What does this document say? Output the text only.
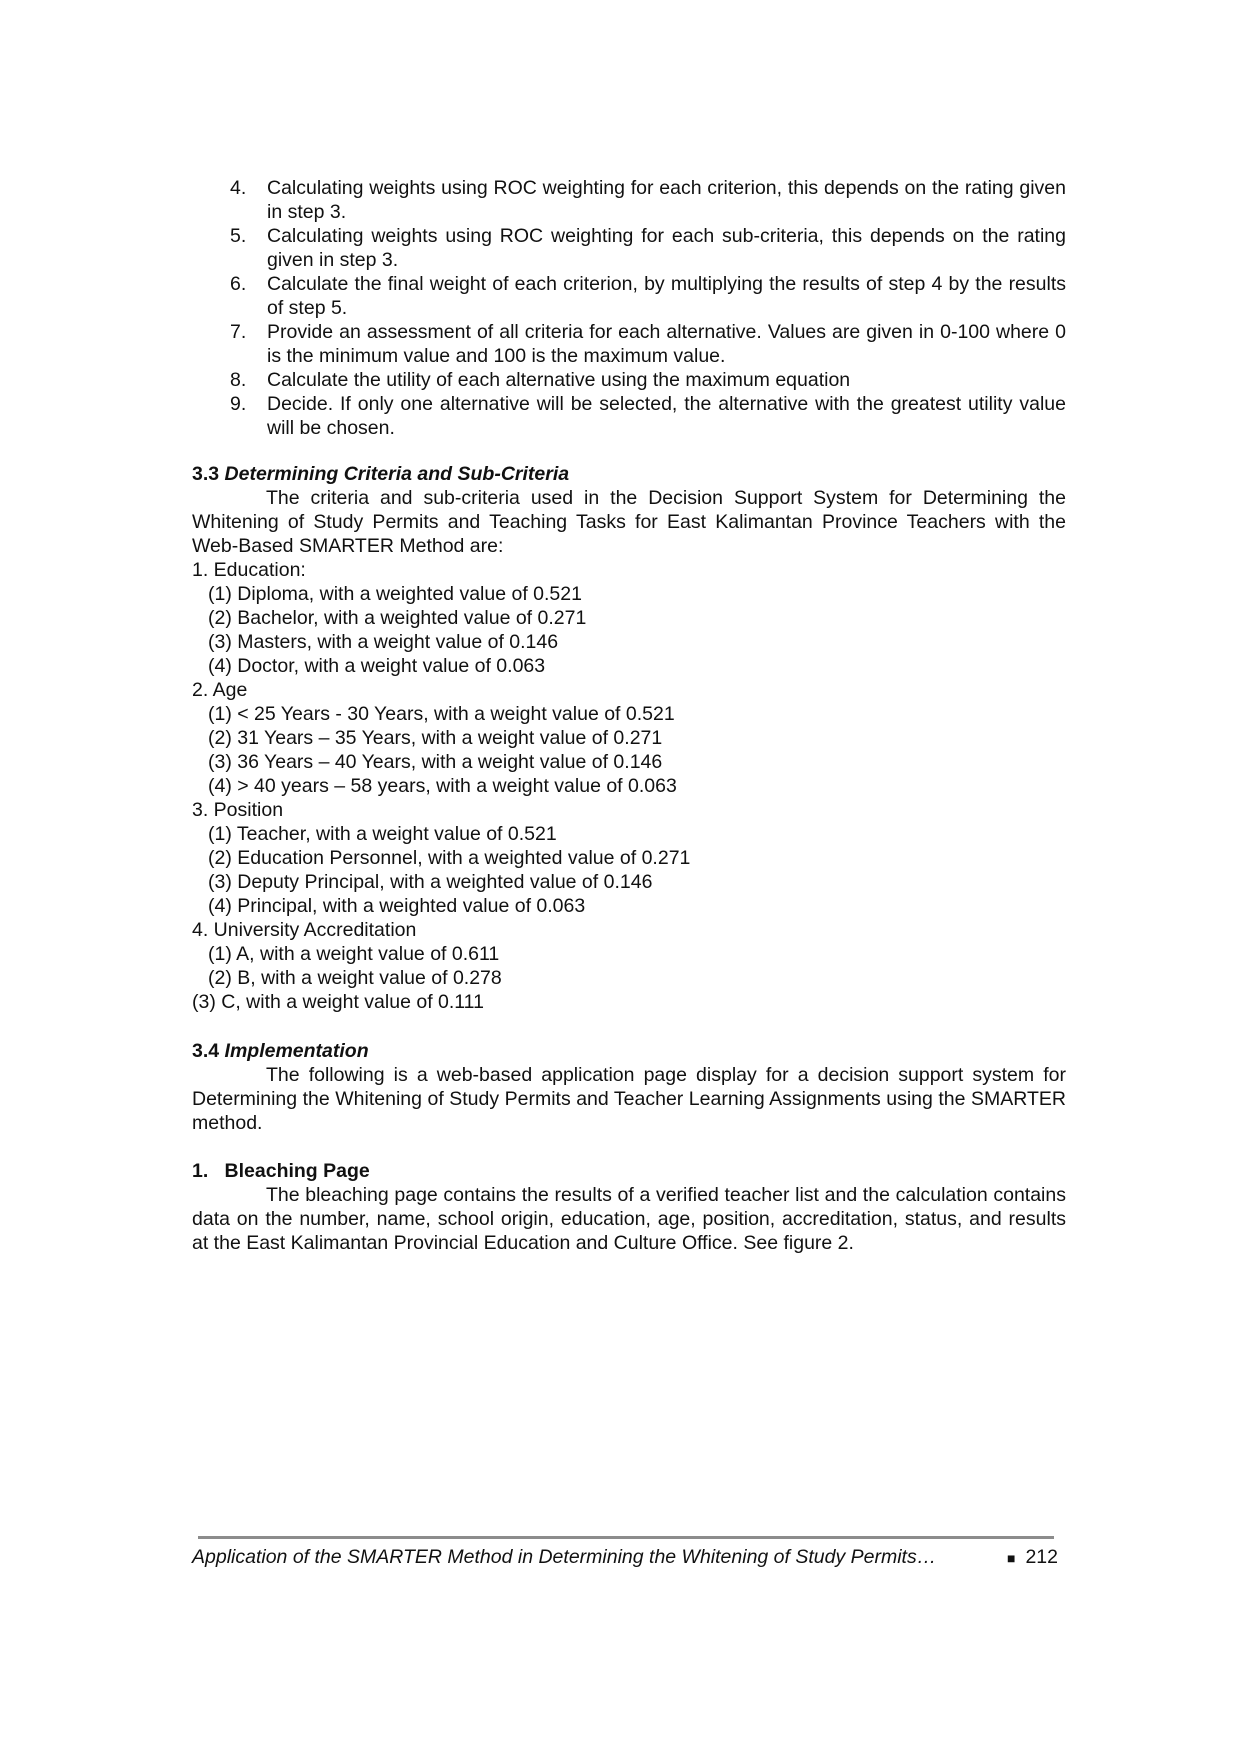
4. Calculating weights using ROC weighting for each criterion, this depends on the rating given in step 3.
5. Calculating weights using ROC weighting for each sub-criteria, this depends on the rating given in step 3.
6. Calculate the final weight of each criterion, by multiplying the results of step 4 by the results of step 5.
7. Provide an assessment of all criteria for each alternative. Values are given in 0-100 where 0 is the minimum value and 100 is the maximum value.
8. Calculate the utility of each alternative using the maximum equation
9. Decide. If only one alternative will be selected, the alternative with the greatest utility value will be chosen.
3.3 Determining Criteria and Sub-Criteria
The criteria and sub-criteria used in the Decision Support System for Determining the Whitening of Study Permits and Teaching Tasks for East Kalimantan Province Teachers with the Web-Based SMARTER Method are:
1. Education:
(1) Diploma, with a weighted value of 0.521
(2) Bachelor, with a weighted value of 0.271
(3) Masters, with a weight value of 0.146
(4) Doctor, with a weight value of 0.063
2. Age
(1) < 25 Years - 30 Years, with a weight value of 0.521
(2) 31 Years – 35 Years, with a weight value of 0.271
(3) 36 Years – 40 Years, with a weight value of 0.146
(4) > 40 years – 58 years, with a weight value of 0.063
3. Position
(1) Teacher, with a weight value of 0.521
(2) Education Personnel, with a weighted value of 0.271
(3) Deputy Principal, with a weighted value of 0.146
(4) Principal, with a weighted value of 0.063
4. University Accreditation
(1) A, with a weight value of 0.611
(2) B, with a weight value of 0.278
(3) C, with a weight value of 0.111
3.4 Implementation
The following is a web-based application page display for a decision support system for Determining the Whitening of Study Permits and Teacher Learning Assignments using the SMARTER method.
1. Bleaching Page
The bleaching page contains the results of a verified teacher list and the calculation contains data on the number, name, school origin, education, age, position, accreditation, status, and results at the East Kalimantan Provincial Education and Culture Office. See figure 2.
Application of the SMARTER Method in Determining the Whitening of Study Permits…	■ 212
